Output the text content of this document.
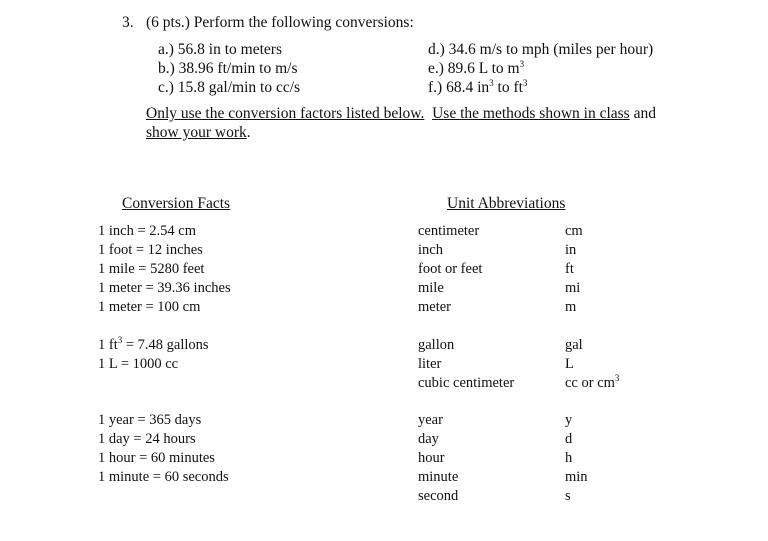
3. (6 pts.) Perform the following conversions:
a.) 56.8 in to meters
b.) 38.96 ft/min to m/s
c.) 15.8 gal/min to cc/s
d.) 34.6 m/s to mph (miles per hour)
e.) 89.6 L to $m^3$
f.) 68.4 $in^3$ to $ft^3$
Only use the conversion factors listed below. Use the methods shown in class and
show your work.
Conversion Facts	Unit Abbreviations
1 inch = 2.54 cm
1 foot = 12 inches
1 mile = 5280 feet
1 meter = 39.36 inches
1 meter = 100 cm
1 $ft^3 = 7.48$ gallons
1 L = 1000 cc
1 year = 365 days
1 day = 24 hours
1 hour = 60 minutes
1 minute = 60 seconds
centimeter
inch
foot or feet
mile
meter
cm
in
ft
mi
m
gallon
liter
cubic centimeter
gal
L
cc or $cm^3$
year
day
hour
minute
second
y
d
h
min
s
